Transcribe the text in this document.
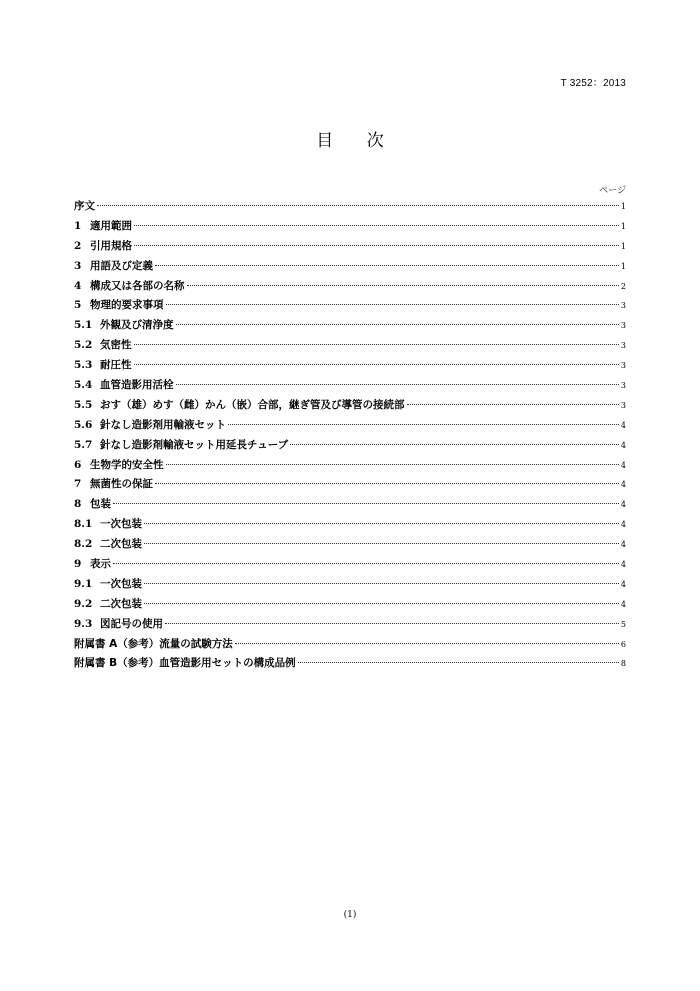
T 3252：2013
目 次
ページ
序文	1
1 適用範囲	1
2 引用規格	1
3 用語及び定義	1
4 構成又は各部の名称	2
5 物理的要求事項	3
5.1 外観及び清浄度	3
5.2 気密性	3
5.3 耐圧性	3
5.4 血管造影用活栓	3
5.5 おす（雄）めす（雌）かん（嵌）合部，継ぎ管及び導管の接続部	3
5.6 針なし造影剤用輸液セット	4
5.7 針なし造影剤輸液セット用延長チューブ	4
6 生物学的安全性	4
7 無菌性の保証	4
8 包装	4
8.1 一次包装	4
8.2 二次包装	4
9 表示	4
9.1 一次包装	4
9.2 二次包装	4
9.3 図記号の使用	5
附属書 A（参考）流量の試験方法	6
附属書 B（参考）血管造影用セットの構成品例	8
(1)
